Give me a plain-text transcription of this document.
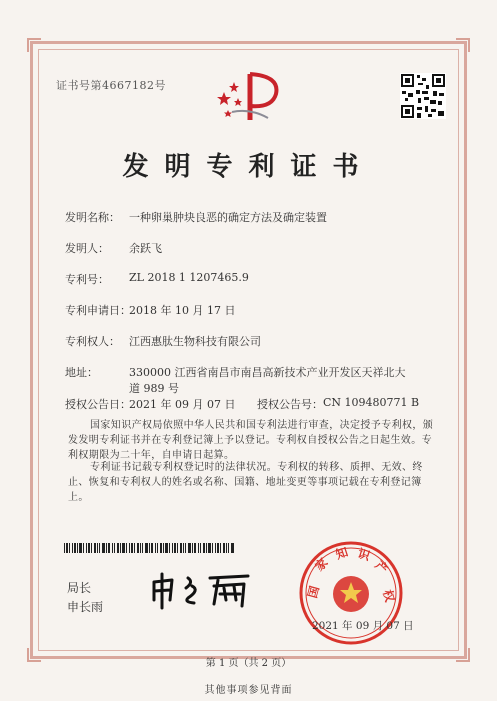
证书号第4667182号
发明专利证书
发明名称： 一种卵巢肿块良恶的确定方法及确定装置
发明人： 余跃飞
专利号： ZL 2018 1 1207465.9
专利申请日：2018 年 10 月 17 日
专利权人： 江西惠肽生物科技有限公司
地址：	330000 江西省南昌市南昌高新技术产业开发区天祥北大
道 989 号
授权公告日：2021 年 09 月 07 日 授权公告号：CN 109480771 B
国家知识产权局依照中华人民共和国专利法进行审查，决定授予专利权，颁发发明专利证书并在专利登记簿上予以登记。专利权自授权公告之日起生效。专利权期限为二十年，自申请日起算。
专利证书记载专利权登记时的法律状况。专利权的转移、质押、无效、终止、恢复和专利权人的姓名或名称、国籍、地址变更等事项记载在专利登记簿上。
局长
申长雨
国
家
知 识
产
权
2021 年 09 月 07 日
第 1 页（共 2 页）
其他事项参见背面
